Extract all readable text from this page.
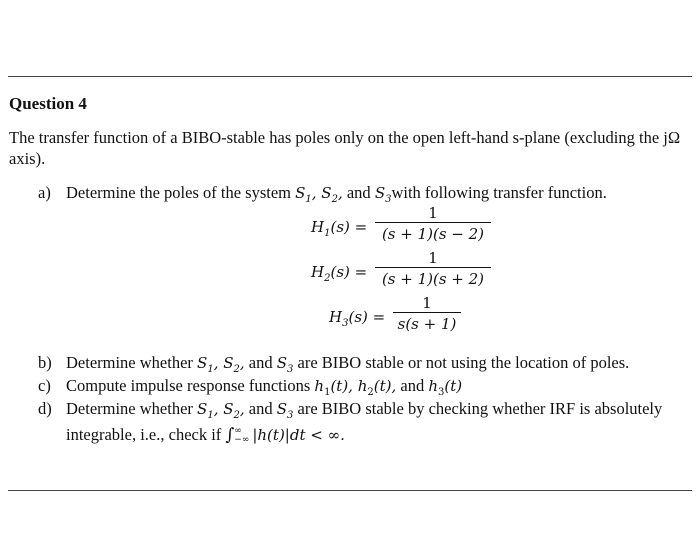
Question 4
The transfer function of a BIBO-stable has poles only on the open left-hand s-plane (excluding the jΩ axis).
a) Determine the poles of the system $S_1$, $S_2$, and $S_3with$ following transfer function.
$H_1(s)$ =
1
(s + 1)(s − 2)
$H_2(s)$ =
1
(s + 1)(s + 2)
$H_3(s)$ =
1
s(s + 1)
b) Determine whether $S_1$, $S_2$, and $S_3$ are BIBO stable or not using the location of poles.
c) Compute impulse response functions $h_1(t)$, $h_2(t)$, and $h_3(t)$
d) Determine whether $S_1$, $S_2$, and $S_3$ are BIBO stable by checking whether IRF is absolutely
integrable, i.e., check if ∫ ∞
−∞ |h(t)|dt < ∞.
